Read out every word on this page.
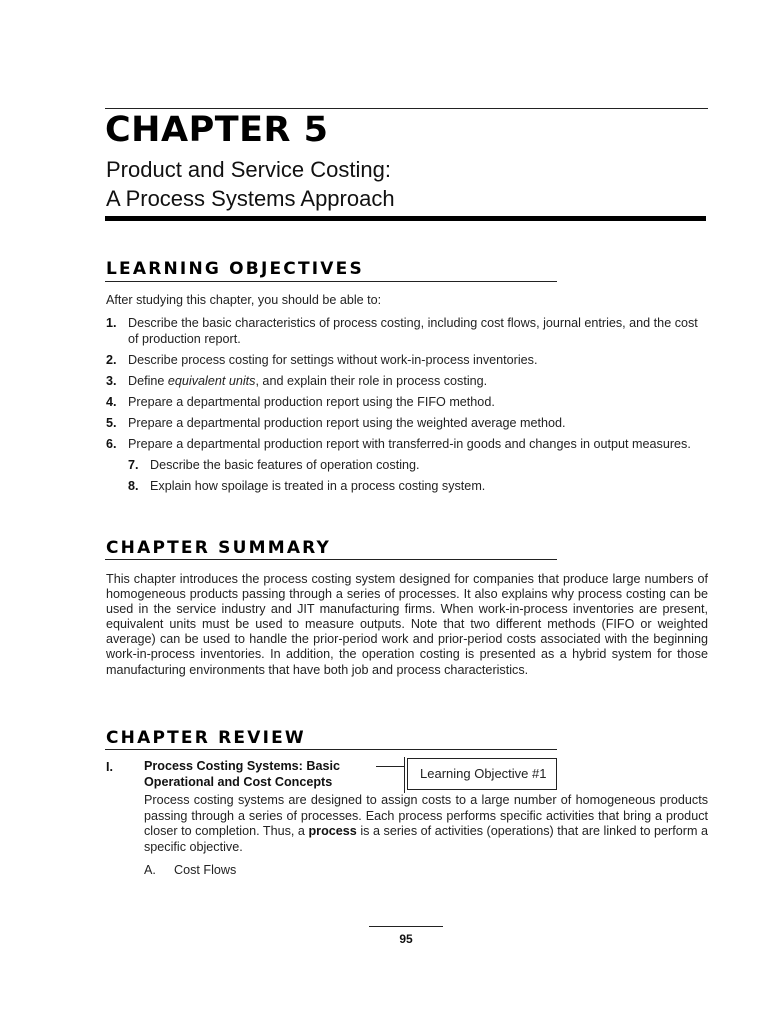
CHAPTER 5
Product and Service Costing:
A Process Systems Approach
LEARNING OBJECTIVES
After studying this chapter, you should be able to:
1. Describe the basic characteristics of process costing, including cost flows, journal entries, and the cost of production report.
2. Describe process costing for settings without work-in-process inventories.
3. Define equivalent units, and explain their role in process costing.
4. Prepare a departmental production report using the FIFO method.
5. Prepare a departmental production report using the weighted average method.
6. Prepare a departmental production report with transferred-in goods and changes in output measures.
7. Describe the basic features of operation costing.
8. Explain how spoilage is treated in a process costing system.
CHAPTER SUMMARY
This chapter introduces the process costing system designed for companies that produce large numbers of homogeneous products passing through a series of processes. It also explains why process costing can be used in the service industry and JIT manufacturing firms. When work-in-process inventories are present, equivalent units must be used to measure outputs. Note that two different methods (FIFO or weighted average) can be used to handle the prior-period work and prior-period costs associated with the beginning work-in-process inventories. In addition, the operation costing is presented as a hybrid system for those manufacturing environments that have both job and process characteristics.
CHAPTER REVIEW
I. Process Costing Systems: Basic Operational and Cost Concepts
Learning Objective #1
Process costing systems are designed to assign costs to a large number of homogeneous products passing through a series of processes. Each process performs specific activities that bring a product closer to completion. Thus, a process is a series of activities (operations) that are linked to perform a specific objective.
A. Cost Flows
95
